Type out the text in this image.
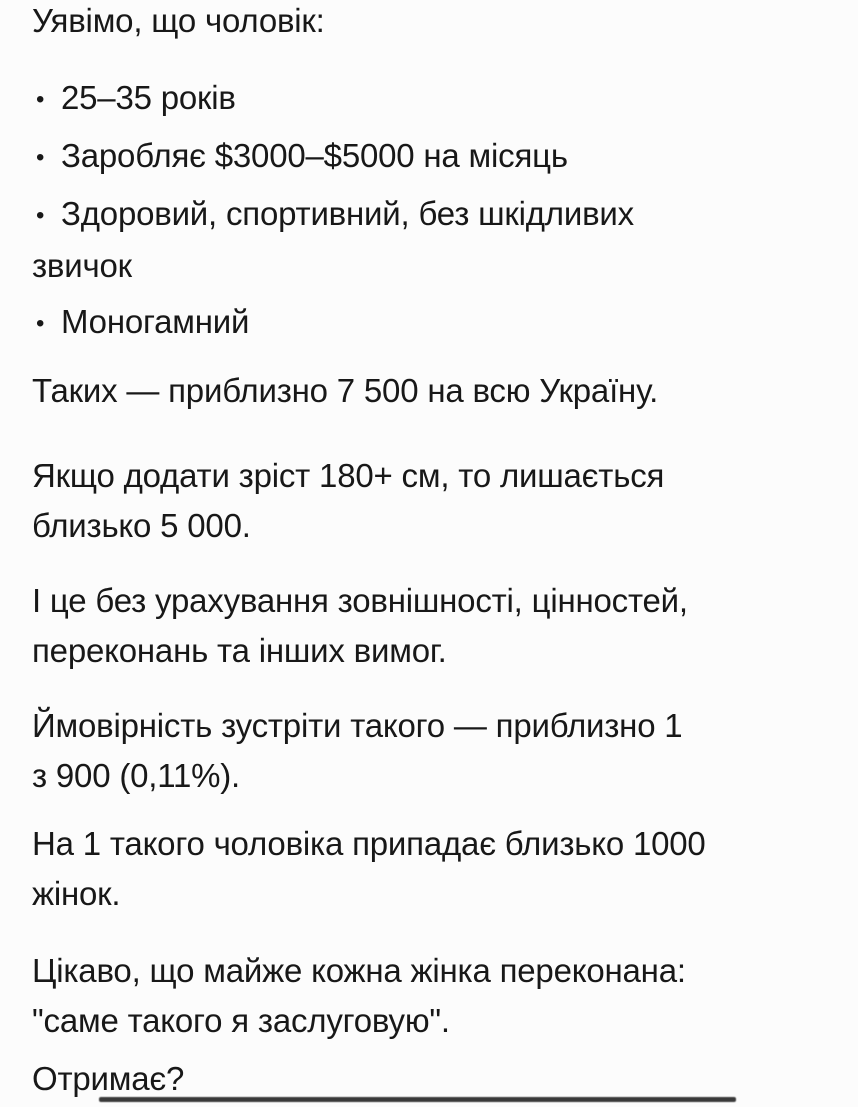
Уявімо, що чоловік:

• 25–35 років

• Заробляє $3000–$5000 на місяць

• Здоровий, спортивний, без шкідливих
звичок

• Моногамний

Таких — приблизно 7 500 на всю Україну.

Якщо додати зріст 180+ см, то лишається
близько 5 000.

І це без урахування зовнішності, цінностей,
переконань та інших вимог.

Ймовірність зустріти такого — приблизно 1
з 900 (0,11%).

На 1 такого чоловіка припадає близько 1000
жінок.

Цікаво, що майже кожна жінка переконана:
"саме такого я заслуговую".

Отримає?
